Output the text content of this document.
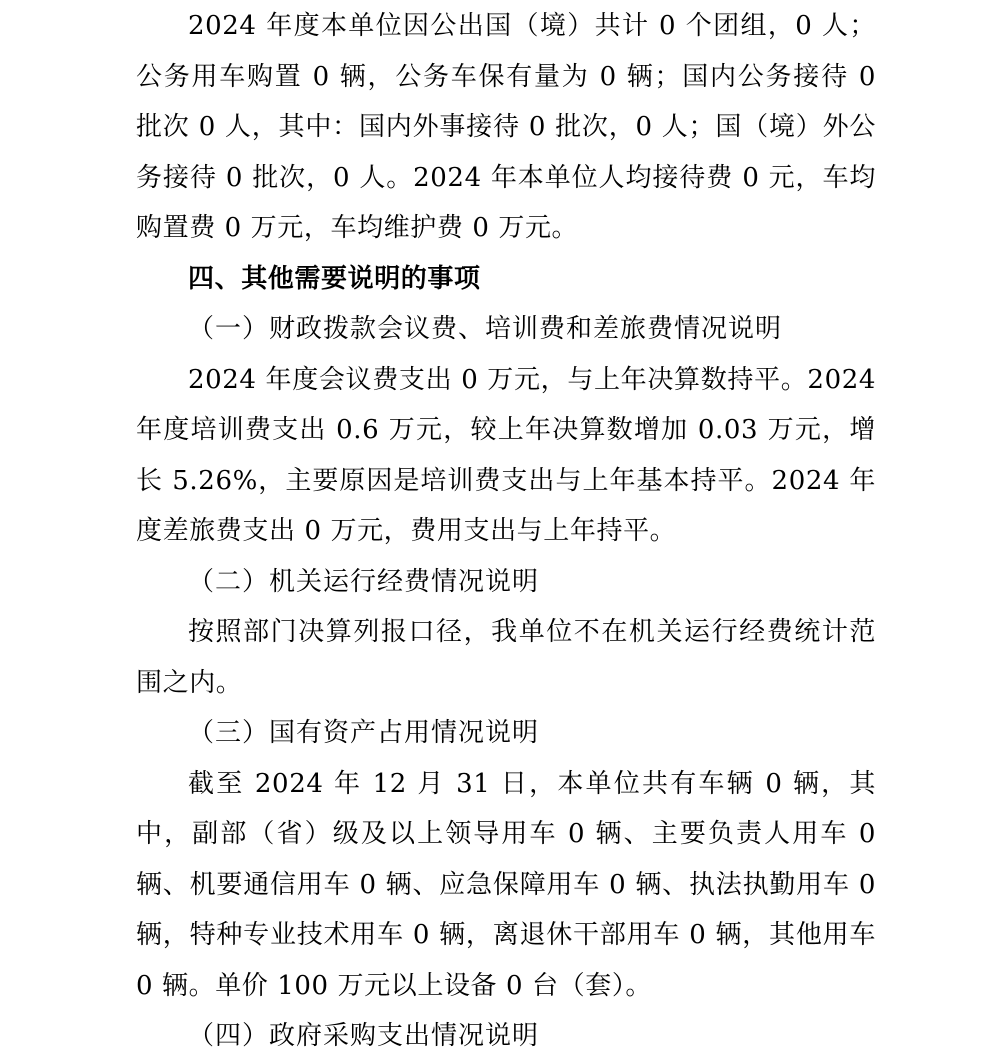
2024 年度本单位因公出国（境）共计 0 个团组，0 人；公务用车购置 0 辆，公务车保有量为 0 辆；国内公务接待 0 批次 0 人，其中：国内外事接待 0 批次，0 人；国（境）外公务接待 0 批次，0 人。2024 年本单位人均接待费 0 元，车均购置费 0 万元，车均维护费 0 万元。

四、其他需要说明的事项

（一）财政拨款会议费、培训费和差旅费情况说明

2024 年度会议费支出 0 万元，与上年决算数持平。2024 年度培训费支出 0.6 万元，较上年决算数增加 0.03 万元，增长 5.26%，主要原因是培训费支出与上年基本持平。2024 年度差旅费支出 0 万元，费用支出与上年持平。

（二）机关运行经费情况说明

按照部门决算列报口径，我单位不在机关运行经费统计范围之内。

（三）国有资产占用情况说明

截至 2024 年 12 月 31 日，本单位共有车辆 0 辆，其中，副部（省）级及以上领导用车 0 辆、主要负责人用车 0 辆、机要通信用车 0 辆、应急保障用车 0 辆、执法执勤用车 0 辆，特种专业技术用车 0 辆，离退休干部用车 0 辆，其他用车 0 辆。单价 100 万元以上设备 0 台（套）。

（四）政府采购支出情况说明
